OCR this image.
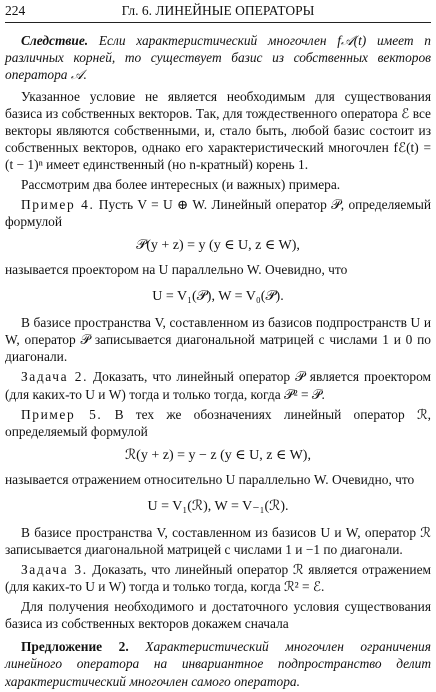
224	Гл. 6. ЛИНЕЙНЫЕ ОПЕРАТОРЫ

Следствие. Если характеристический многочлен f𝒜(t) имеет n различных корней, то существует базис из собственных векторов оператора 𝒜.

Указанное условие не является необходимым для существования базиса из собственных векторов. Так, для тождественного оператора ℰ все векторы являются собственными, и, стало быть, любой базис состоит из собственных векторов, однако его характеристический многочлен fℰ(t) = (t − 1)ⁿ имеет единственный (но n-кратный) корень 1.

Рассмотрим два более интересных (и важных) примера.

Пример 4. Пусть V = U ⊕ W. Линейный оператор 𝒫, определяемый формулой

𝒫(y + z) = y (y ∈ U, z ∈ W),

называется проектором на U параллельно W. Очевидно, что

U = V₁(𝒫), W = V₀(𝒫).

В базисе пространства V, составленном из базисов подпространств U и W, оператор 𝒫 записывается диагональной матрицей с числами 1 и 0 по диагонали.

Задача 2. Доказать, что линейный оператор 𝒫 является проектором (для каких-то U и W) тогда и только тогда, когда 𝒫² = 𝒫.

Пример 5. В тех же обозначениях линейный оператор ℛ, определяемый формулой

ℛ(y + z) = y − z (y ∈ U, z ∈ W),

называется отражением относительно U параллельно W. Очевидно, что

U = V₁(ℛ), W = V₋₁(ℛ).

В базисе пространства V, составленном из базисов U и W, оператор ℛ записывается диагональной матрицей с числами 1 и −1 по диагонали.

Задача 3. Доказать, что линейный оператор ℛ является отражением (для каких-то U и W) тогда и только тогда, когда ℛ² = ℰ.

Для получения необходимого и достаточного условия существования базиса из собственных векторов докажем сначала

Предложение 2. Характеристический многочлен ограничения линейного оператора на инвариантное подпространство делит характеристический многочлен самого оператора.
